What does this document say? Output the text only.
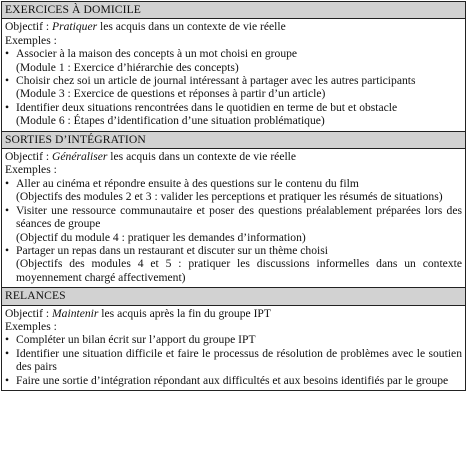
EXERCICES À DOMICILE
Objectif : Pratiquer les acquis dans un contexte de vie réelle
Exemples :
• Associer à la maison des concepts à un mot choisi en groupe
(Module 1 : Exercice d’hiérarchie des concepts)
• Choisir chez soi un article de journal intéressant à partager avec les autres participants
(Module 3 : Exercice de questions et réponses à partir d’un article)
• Identifier deux situations rencontrées dans le quotidien en terme de but et obstacle
(Module 6 : Étapes d’identification d’une situation problématique)
SORTIES D’INTÉGRATION
Objectif : Généraliser les acquis dans un contexte de vie réelle
Exemples :
• Aller au cinéma et répondre ensuite à des questions sur le contenu du film
(Objectifs des modules 2 et 3 : valider les perceptions et pratiquer les résumés de situations)
• Visiter une ressource communautaire et poser des questions préalablement préparées lors des séances de groupe
(Objectif du module 4 : pratiquer les demandes d’information)
• Partager un repas dans un restaurant et discuter sur un thème choisi
(Objectifs des modules 4 et 5 : pratiquer les discussions informelles dans un contexte moyennement chargé affectivement)
RELANCES
Objectif : Maintenir les acquis après la fin du groupe IPT
Exemples :
• Compléter un bilan écrit sur l’apport du groupe IPT
• Identifier une situation difficile et faire le processus de résolution de problèmes avec le soutien des pairs
• Faire une sortie d’intégration répondant aux difficultés et aux besoins identifiés par le groupe
